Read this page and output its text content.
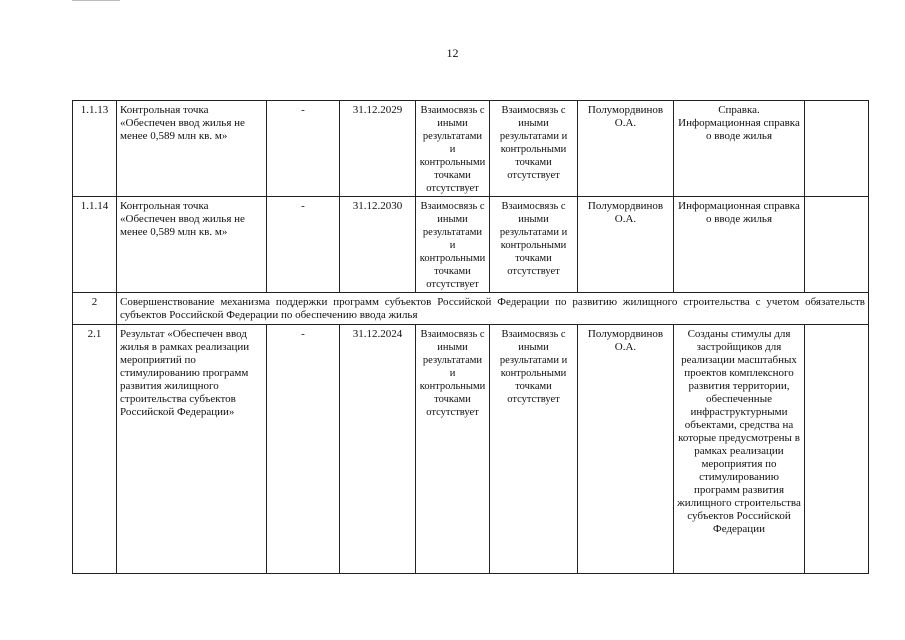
12
1.1.13	Контрольная точка «Обеспечен ввод жилья не менее 0,589 млн кв. м»	-	31.12.2029	Взаимосвязь с иными результатами и контрольными точками отсутствует	Взаимосвязь с иными результатами и контрольными точками отсутствует	Полумордвинов О.А.	Справка. Информационная справка о вводе жилья	
1.1.14	Контрольная точка «Обеспечен ввод жилья не менее 0,589 млн кв. м»	-	31.12.2030	Взаимосвязь с иными результатами и контрольными точками отсутствует	Взаимосвязь с иными результатами и контрольными точками отсутствует	Полумордвинов О.А.	Информационная справка о вводе жилья	
2	Совершенствование механизма поддержки программ субъектов Российской Федерации по развитию жилищного строительства с учетом обязательств субъектов Российской Федерации по обеспечению ввода жилья							
2.1	Результат «Обеспечен ввод жилья в рамках реализации мероприятий по стимулированию программ развития жилищного строительства субъектов Российской Федерации»	-	31.12.2024	Взаимосвязь с иными результатами и контрольными точками отсутствует	Взаимосвязь с иными результатами и контрольными точками отсутствует	Полумордвинов О.А.	Созданы стимулы для застройщиков для реализации масштабных проектов комплексного развития территории, обеспеченные инфраструктурными объектами, средства на которые предусмотрены в рамках реализации мероприятия по стимулированию программ развития жилищного строительства субъектов Российской Федерации	
